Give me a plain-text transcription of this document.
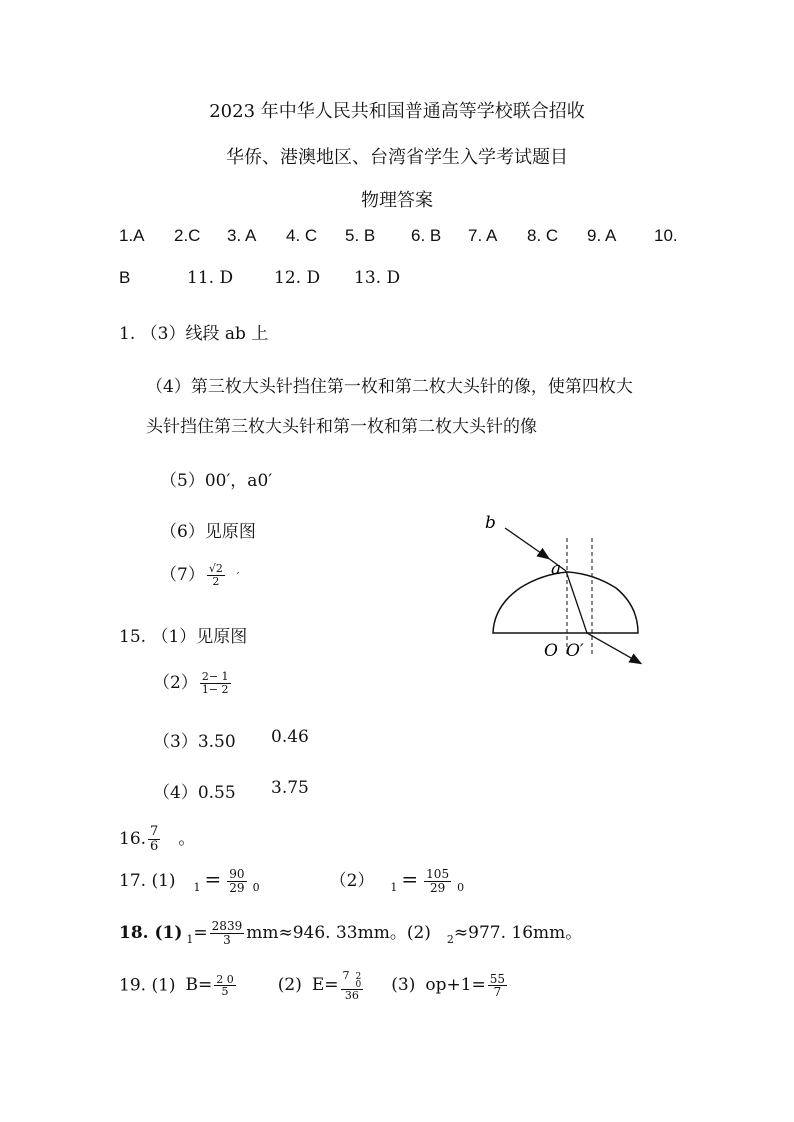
2023 年中华人民共和国普通高等学校联合招收
华侨、港澳地区、台湾省学生入学考试题目
物理答案
1.A 2.C 3. A 4. C 5. B 6. B 7. A 8. C 9. A 10.
B	11. D 12. D 13. D
1. （3）线段 ab 上
（4）第三枚大头针挡住第一枚和第二枚大头针的像，使第四枚大
头针挡住第三枚大头针和第一枚和第二枚大头针的像
（5）00′，a0′
（6）见原图
$(7) \frac{√2}{2}$ ′
15. （1）见原图
$(2) \frac{2- 1}{1- 2}$
（3）3.50 0.46
（4）0.55 3.75
16. $\frac{7}{6}$ 。
17. (1) $_1 = \frac{90}{29} _0$	（2） $_1 = \frac{105}{29} _0$
18. (1) $_1= \frac{2839}{3} mm\approx 946$. 33mm。(2) $_2$≈977. 16mm。
19. (1) $B= \frac{2 0}{5} (2)$ E= 7 2
0
36 (3) $op+1= \frac{55}{7}$
b
a
O O′
